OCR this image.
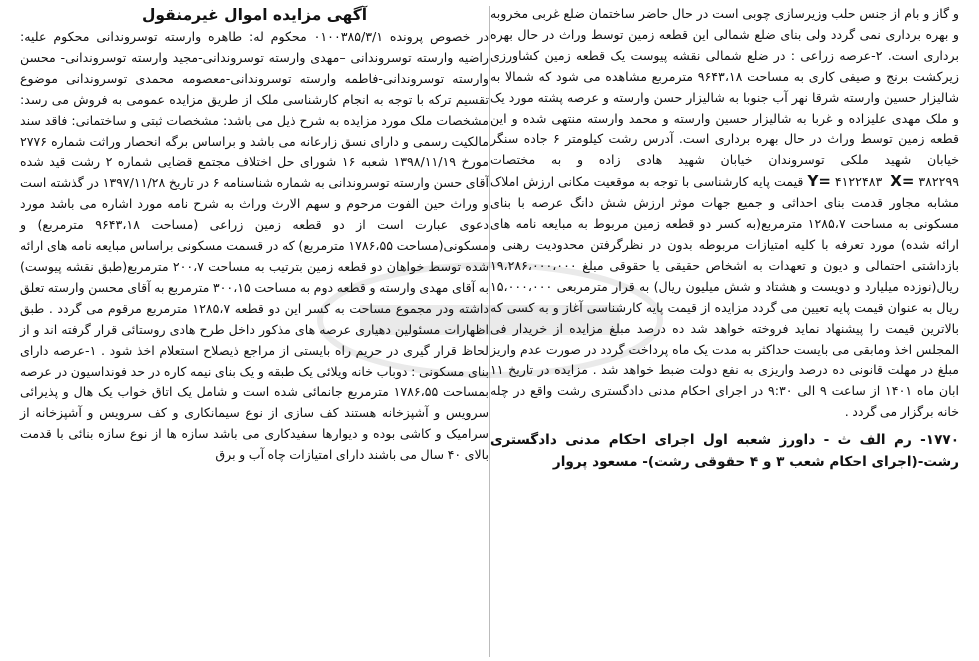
آگهی مزایده اموال غیرمنقول

در خصوص پرونده ۰۱۰۰۳۸۵/۳/۱ محکوم له: طاهره وارسته توسروندانی محکوم علیه: راضیه وارسته توسروندانی –مهدی وارسته توسروندانی-مجید وارسته توسروندانی- محسن وارسته توسروندانی-فاطمه وارسته توسروندانی-معصومه محمدی توسروندانی موضوع تقسیم ترکه با توجه به انجام کارشناسی ملک از طریق مزایده عمومی به فروش می رسد: مشخصات ملک مورد مزایده به شرح ذیل می باشد: مشخصات ثبتی و ساختمانی: فاقد سند مالکیت رسمی و دارای نسق زارعانه می باشد و براساس برگه انحصار وراثت شماره ۲۷۷۶ مورخ ۱۳۹۸/۱۱/۱۹ شعبه ۱۶ شورای حل اختلاف مجتمع قضایی شماره ۲ رشت قید شده آقای حسن وارسته توسروندانی به شماره شناسنامه ۶ در تاریخ ۱۳۹۷/۱۱/۲۸ در گذشته است و وراث حین الفوت مرحوم و سهم الارث وراث به شرح نامه مورد اشاره می باشد مورد دعوی عبارت است از دو قطعه زمین زراعی (مساحت ۹۶۴۳،۱۸ مترمربع) و مسکونی(مساحت ۱۷۸۶،۵۵ مترمربع) که در قسمت مسکونی براساس مبایعه نامه های ارائه شده توسط خواهان دو قطعه زمین بترتیب به مساحت ۲۰۰،۷ مترمربع(طبق نقشه پیوست) به آقای مهدی وارسته و قطعه دوم به مساحت ۳۰۰،۱۵ مترمربع به آقای محسن وارسته تعلق داشته ودر مجموع مساحت به کسر این دو قطعه ۱۲۸۵،۷ مترمربع مرقوم می گردد . طبق اظهارات مسئولین دهیاری عرصه های مذکور داخل طرح هادی روستائی قرار گرفته اند و از لحاظ قرار گیری در حریم راه بایستی از مراجع ذیصلاح استعلام اخذ شود . ۱-عرصه دارای بنای مسکونی : دوباب خانه ویلائی یک طبقه و یک بنای نیمه کاره در حد فونداسیون در عرصه بمساحت ۱۷۸۶،۵۵ مترمربع جانمائی شده است و شامل یک اتاق خواب یک هال و پذیرائی سرویس و آشپزخانه هستند کف سازی از نوع سیمانکاری و کف سرویس و آشپزخانه از سرامیک و کاشی بوده و دیوارها سفیدکاری می باشد سازه ها از نوع سازه بنائی با قدمت بالای ۴۰ سال می باشند دارای امتیازات چاه آب و برق

و گاز و بام از جنس حلب وزیرسازی چوبی است در حال حاضر ساختمان ضلع غربی مخروبه و بهره برداری نمی گردد ولی بنای ضلع شمالی این قطعه زمین توسط وراث در حال بهره برداری است. ۲-عرصه زراعی : در ضلع شمالی نقشه پیوست یک قطعه زمین کشاورزی زیرکشت برنج و صیفی کاری به مساحت ۹۶۴۳،۱۸ مترمربع مشاهده می شود که شمالا به شالیزار حسین وارسته شرقا نهر آب جنوبا به شالیزار حسن وارسته و عرصه پشته مورد یک و ملک مهدی علیزاده و غربا به شالیزار حسین وارسته و محمد وارسته منتهی شده و این قطعه زمین توسط وراث در حال بهره برداری است. آدرس رشت کیلومتر ۶ جاده سنگر خیابان شهید ملکی توسروندان خیابان شهید هادی زاده و به مختصات Y= ۴۱۲۲۴۸۳ X= ۳۸۲۲۹۹ قیمت پایه کارشناسی با توجه به موقعیت مکانی ارزش املاک مشابه مجاور قدمت بنای احداثی و جمیع جهات موثر ارزش شش دانگ عرصه با بنای مسکونی به مساحت ۱۲۸۵،۷ مترمربع(به کسر دو قطعه زمین مربوط به مبایعه نامه های ارائه شده) مورد تعرفه با کلیه امتیازات مربوطه بدون در نظرگرفتن محدودیت رهنی و بازداشتی احتمالی و دیون و تعهدات به اشخاص حقیقی یا حقوقی مبلغ ۱۹،۲۸۶،۰۰۰،۰۰۰ ریال(نوزده میلیارد و دویست و هشتاد و شش میلیون ریال) به قرار مترمربعی ۱۵،۰۰۰،۰۰۰ ریال به عنوان قیمت پایه تعیین می گردد مزایده از قیمت پایه کارشناسی آغاز و به کسی که بالاترین قیمت را پیشنهاد نماید فروخته خواهد شد ده درصد مبلغ مزایده از خریدار فی المجلس اخذ ومابقی می بایست حداکثر به مدت یک ماه پرداخت گردد در صورت عدم واریز مبلغ در مهلت قانونی ده درصد واریزی به نفع دولت ضبط خواهد شد . مزایده در تاریخ ۱۱ ابان ماه ۱۴۰۱ از ساعت ۹ الی ۹:۳۰ در اجرای احکام مدنی دادگستری رشت واقع در چله خانه برگزار می گردد .

۱۷۷۰- رم الف ث - داورز شعبه اول اجرای احکام مدنی دادگستری رشت-(اجرای احکام شعب ۳ و ۴ حقوقی رشت)- مسعود پروار
